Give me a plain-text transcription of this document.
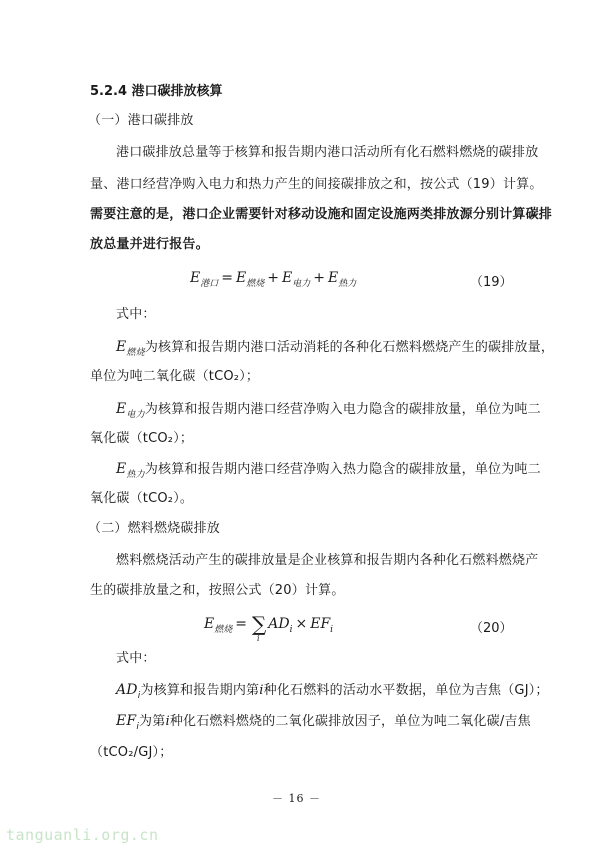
5.2.4 港口碳排放核算
（一）港口碳排放
港口碳排放总量等于核算和报告期内港口活动所有化石燃料燃烧的碳排放
量、港口经营净购入电力和热力产生的间接碳排放之和，按公式（19）计算。
需要注意的是，港口企业需要针对移动设施和固定设施两类排放源分别计算碳排
放总量并进行报告。
$E_{港口} = E_{燃烧} + E_{电力} + E_{热力}$	（19）
式中：
$E_{燃烧}$为核算和报告期内港口活动消耗的各种化石燃料燃烧产生的碳排放量，
单位为吨二氧化碳（tCO₂）；
$E_{电力}$为核算和报告期内港口经营净购入电力隐含的碳排放量，单位为吨二
氧化碳（tCO₂）；
$E_{热力}$为核算和报告期内港口经营净购入热力隐含的碳排放量，单位为吨二
氧化碳（tCO₂）。
（二）燃料燃烧碳排放
燃料燃烧活动产生的碳排放量是企业核算和报告期内各种化石燃料燃烧产
生的碳排放量之和，按照公式（20）计算。
$E_{燃烧}$ = ∑
i
$AD_i \times EF_i$	（20）
式中：
$AD_i$为核算和报告期内第i种化石燃料的活动水平数据，单位为吉焦（GJ）；
$EF_i$为第i种化石燃料燃烧的二氧化碳排放因子，单位为吨二氧化碳/吉焦
（tCO₂/GJ）；
－ 16 －
tanguanli.org.cn
